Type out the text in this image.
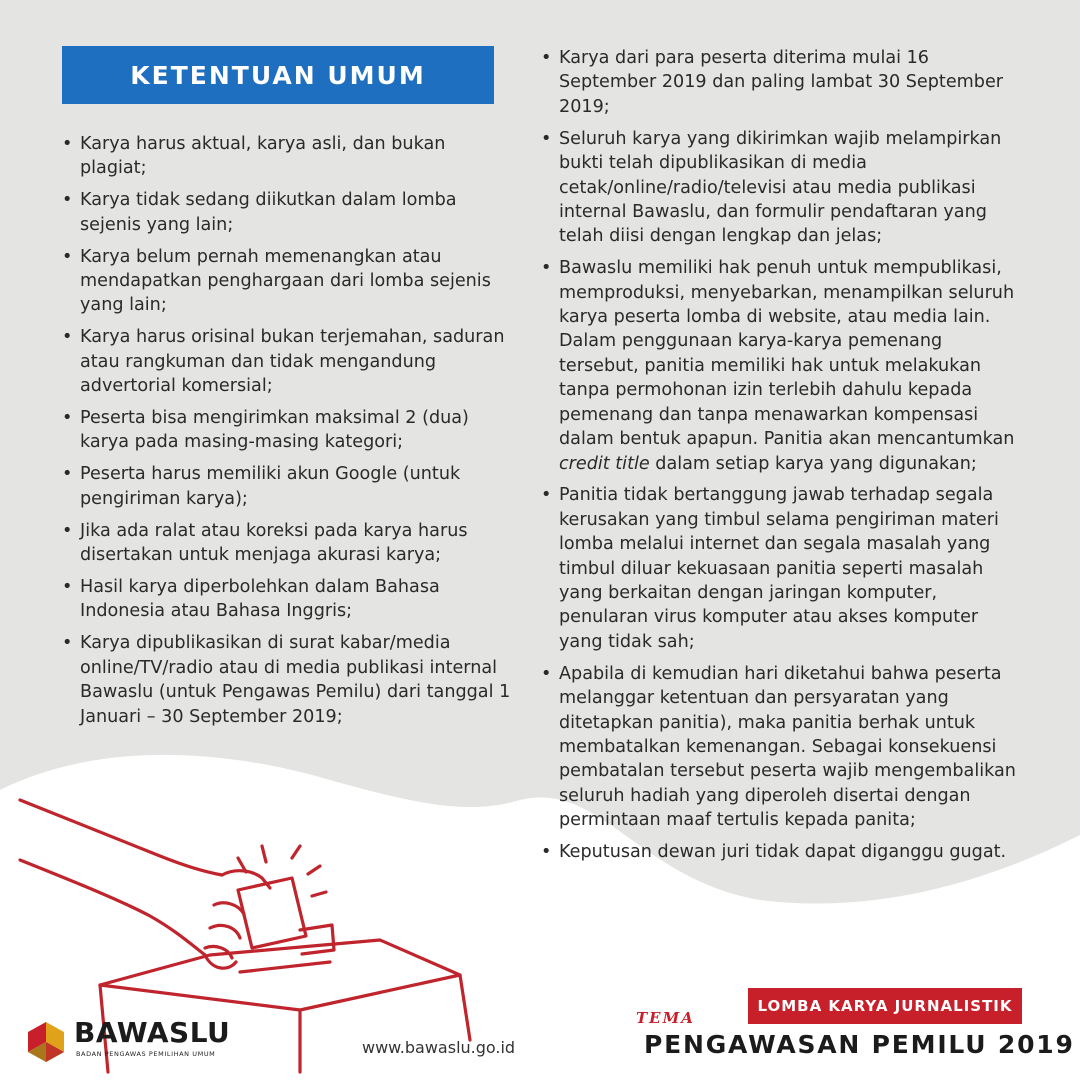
KETENTUAN UMUM
• Karya harus aktual, karya asli, dan bukan plagiat;
• Karya tidak sedang diikutkan dalam lomba sejenis yang lain;
• Karya belum pernah memenangkan atau mendapatkan penghargaan dari lomba sejenis yang lain;
• Karya harus orisinal bukan terjemahan, saduran atau rangkuman dan tidak mengandung advertorial komersial;
• Peserta bisa mengirimkan maksimal 2 (dua) karya pada masing-masing kategori;
• Peserta harus memiliki akun Google (untuk pengiriman karya);
• Jika ada ralat atau koreksi pada karya harus disertakan untuk menjaga akurasi karya;
• Hasil karya diperbolehkan dalam Bahasa Indonesia atau Bahasa Inggris;
• Karya dipublikasikan di surat kabar/media online/TV/radio atau di media publikasi internal Bawaslu (untuk Pengawas Pemilu) dari tanggal 1 Januari – 30 September 2019;
• Karya dari para peserta diterima mulai 16 September 2019 dan paling lambat 30 September 2019;
• Seluruh karya yang dikirimkan wajib melampirkan bukti telah dipublikasikan di media cetak/online/radio/televisi atau media publikasi internal Bawaslu, dan formulir pendaftaran yang telah diisi dengan lengkap dan jelas;
• Bawaslu memiliki hak penuh untuk mempublikasi, memproduksi, menyebarkan, menampilkan seluruh karya peserta lomba di website, atau media lain. Dalam penggunaan karya-karya pemenang tersebut, panitia memiliki hak untuk melakukan tanpa permohonan izin terlebih dahulu kepada pemenang dan tanpa menawarkan kompensasi dalam bentuk apapun. Panitia akan mencantumkan credit title dalam setiap karya yang digunakan;
• Panitia tidak bertanggung jawab terhadap segala kerusakan yang timbul selama pengiriman materi lomba melalui internet dan segala masalah yang timbul diluar kekuasaan panitia seperti masalah yang berkaitan dengan jaringan komputer, penularan virus komputer atau akses komputer yang tidak sah;
• Apabila di kemudian hari diketahui bahwa peserta melanggar ketentuan dan persyaratan yang ditetapkan panitia), maka panitia berhak untuk membatalkan kemenangan. Sebagai konsekuensi pembatalan tersebut peserta wajib mengembalikan seluruh hadiah yang diperoleh disertai dengan permintaan maaf tertulis kepada panita;
• Keputusan dewan juri tidak dapat diganggu gugat.
BAWASLU
BADAN PENGAWAS PEMILIHAN UMUM	www.bawaslu.go.id
LOMBA KARYA JURNALISTIK
TEMA
PENGAWASAN PEMILU 2019
